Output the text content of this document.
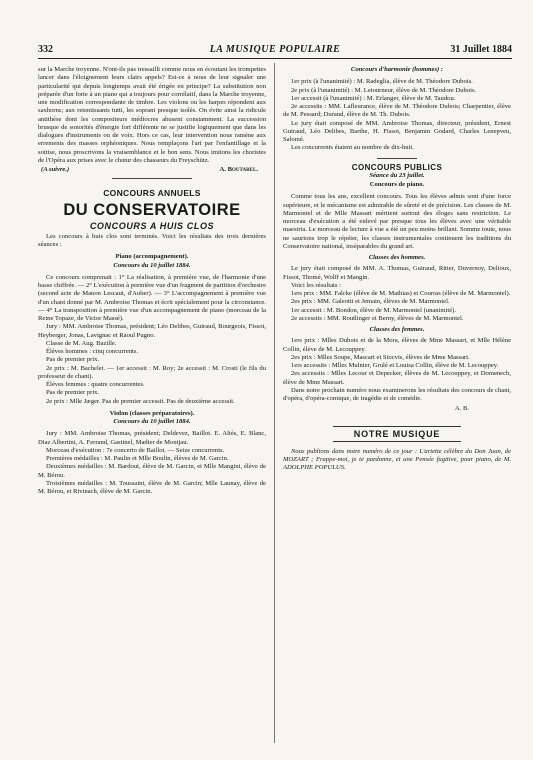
332	LA MUSIQUE POPULAIRE	31 Juillet 1884

sur la Marche troyenne. N'ont-ils pas tressailli comme nous en écoutant les trompettes lancer dans l'éloignement leurs clairs appels? Est-ce à nous de leur signaler une particularité qui depuis longtemps avait été érigée en principe? La substitution non préparée d'un forte à un piano qui a toujours pour corrélatif, dans la Marche troyenne, une modification correspondante de timbre. Les violons ou les harpes répondent aux saxhorns; aux retentissants tutti, les soprani presque isolés. On évite ainsi la ridicule antithèse dont les compositeurs médiocres abusent constamment. La succession brusque de sonorités d'énergie fort différente ne se justifie logiquement que dans les dialogues d'instruments ou de voix. Hors ce cas, leur intervention nous ramène aux errements des masses orphéoniques. Nous remplaçons l'art par l'enfantillage et la sottise, nous proscrivons la vraisemblance et le bon sens. Nous imitons les choristes de l'Opéra aux prises avec le chœur des chasseurs du Freyschütz.

(A suivre.)	A. Boutarel.
CONCOURS ANNUELS
DU CONSERVATOIRE
CONCOURS A HUIS CLOS

Les concours à huis clos sont terminés. Voici les résultats des trois dernières séances :

Piano (accompagnement).
Concours du 10 juillet 1884.

Ce concours comprenait : 1° La réalisation, à première vue, de l'harmonie d'une basse chiffrée. — 2° L'exécution à première vue d'un fragment de partition d'orchestre (second acte de Manon Lescaut, d'Auber). — 3° L'accompagnement à première vue d'un chant donné par M. Ambroise Thomas et écrit spécialement pour la circonstance. — 4° La transposition à première vue d'un accompagnement de piano (morceau de la Reine Topaze, de Victor Massé).

Jury : MM. Ambroise Thomas, président; Léo Delibes, Guiraud, Bourgeois, Fissot, Heyberger, Jonas, Lavignac et Raoul Pugno.

Classe de M. Aug. Bazille.

Élèves hommes : cinq concurrents.

Pas de premier prix.

2e prix : M. Bachelet. — 1er accessit : M. Roy; 2e accessit : M. Crosti (le fils du professeur de chant).

Élèves femmes : quatre concurrentes.

Pas de premier prix.

2e prix : Mlle Jæger. Pas de premier accessit. Pas de deuxième accessit.

Violon (classes préparatoires).
Concours du 10 juillet 1884.

Jury : MM. Ambroise Thomas, président; Deldevez, Baillot. E. Altès, E. Blanc, Diaz Albertini, A. Ferrand, Gastinel, Madier de Montjau.

Morceau d'exécution : 7e concerto de Baillot. — Seize concurrents.

Premières médailles : M. Paulin et Mlle Boulin, élèves de M. Garcin.

Deuxièmes médailles : M. Bardout, élève de M. Garcin, et Mlle Mangini, élève de M. Bérou.

Troisièmes médailles : M. Toussaint, élève de M. Garcin; Mlle Launay, élève de M. Bérou, et Rivinach, élève de M. Garcin.

Concours d'harmonie (hommes) :

1er prix (à l'unanimité) : M. Radeglia, élève de M. Théodore Dubois.

2e prix (à l'unanimité) : M. Letourneur, élève de M. Théodore Dubois.

1er accessit (à l'unanimité) : M. Erlanger, élève de M. Taudou.

2e accessits : MM. Lafleurance, élève de M. Théodore Dubois; Charpentier, élève de M. Pessard; Durand, élève de M. Th. Dubois.

Le jury était composé de MM. Ambroise Thomas, directeur, président, Ernest Guiraud, Léo Delibes, Barthe, H. Fissot, Benjamin Godard, Charles Lenepveu, Salomé.

Les concurrents étaient au nombre de dix-huit.

CONCOURS PUBLICS
Séance du 23 juillet.
Concours de piano.

Comme tous les ans, excellent concours. Tous les élèves admis sont d'une force supérieure, et le mécanisme est admirable de sûreté et de précision. Les classes de M. Marmontel et de Mlle Massart méritent surtout des éloges sans restriction. Le morceau d'exécution a été enlevé par presque tous les élèves avec une véritable maestria. Le morceau de lecture à vue a été un peu moins brillant. Somme toute, nous ne saurions trop le répéter, les classes instrumentales continuent les traditions du Conservatoire national, inséparables du grand art.

Classes des hommes.

Le jury était composé de MM. A. Thomas, Guiraud, Ritter, Duvernoy, Delioux, Fissot, Thomé, Wolff et Mangin.

Voici les résultats :

1ers prix : MM. Falcke (élève de M. Mathias) et Courras (élève de M. Marmontel).

2es prix : MM. Galeotti et Jemain, élèves de M. Marmontel.

1er accessit : M. Bondon, élève de M. Marmontel (unanimité).

2e accessits : MM. Routlinger et Berny, élèves de M. Marmontel.

Classes des femmes.

1ers prix : Mlles Dubois et de la Mora, élèves de Mme Massart, et Mlle Hélène Collin, élève de M. Lecouppey.

2es prix : Mlles Soupe, Mascart et Stocvis, élèves de Mme Massart.

1ers accessits : Mlles Mulnier, Grulé et Louisa Collin, élève de M. Lecouppey.

2es accessits : Mlles Lecour et Depecker, élèves de M. Lecouppey, et Domenech, élève de Mme Massart.

Dans notre prochain numéro nous examinerons les résultats des concours de chant, d'opéra, d'opéra-comique, de tragédie et de comédie.

A. B.
NOTRE MUSIQUE

Nous publions dans notre numéro de ce jour : L'ariette célèbre du Don Juan, de MOZART ; Frappe-moi, je te pardonne, et une Pensée fugitive, pour piano, de M. ADOLPHE POPULUS.
